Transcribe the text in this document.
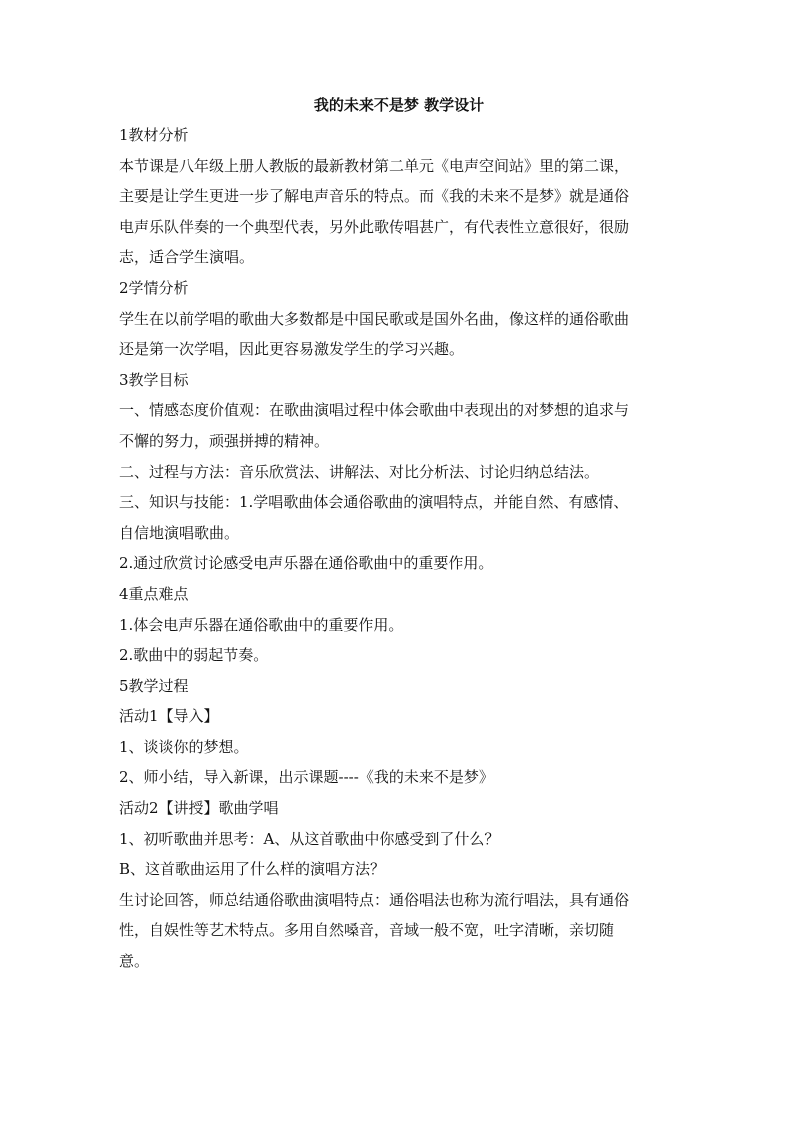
我的未来不是梦 教学设计
1教材分析
本节课是八年级上册人教版的最新教材第二单元《电声空间站》里的第二课，
主要是让学生更进一步了解电声音乐的特点。而《我的未来不是梦》就是通俗
电声乐队伴奏的一个典型代表，另外此歌传唱甚广，有代表性立意很好，很励
志，适合学生演唱。
2学情分析
学生在以前学唱的歌曲大多数都是中国民歌或是国外名曲，像这样的通俗歌曲
还是第一次学唱，因此更容易激发学生的学习兴趣。
3教学目标
一、情感态度价值观：在歌曲演唱过程中体会歌曲中表现出的对梦想的追求与
不懈的努力，顽强拼搏的精神。
二、过程与方法：音乐欣赏法、讲解法、对比分析法、讨论归纳总结法。
三、知识与技能：1.学唱歌曲体会通俗歌曲的演唱特点，并能自然、有感情、
自信地演唱歌曲。
2.通过欣赏讨论感受电声乐器在通俗歌曲中的重要作用。
4重点难点
1.体会电声乐器在通俗歌曲中的重要作用。
2.歌曲中的弱起节奏。
5教学过程
活动1【导入】
1、谈谈你的梦想。
2、师小结，导入新课，出示课题----《我的未来不是梦》
活动2【讲授】歌曲学唱
1、初听歌曲并思考：A、从这首歌曲中你感受到了什么？
B、这首歌曲运用了什么样的演唱方法？
生讨论回答，师总结通俗歌曲演唱特点：通俗唱法也称为流行唱法，具有通俗
性，自娱性等艺术特点。多用自然嗓音，音域一般不宽，吐字清晰，亲切随
意。
